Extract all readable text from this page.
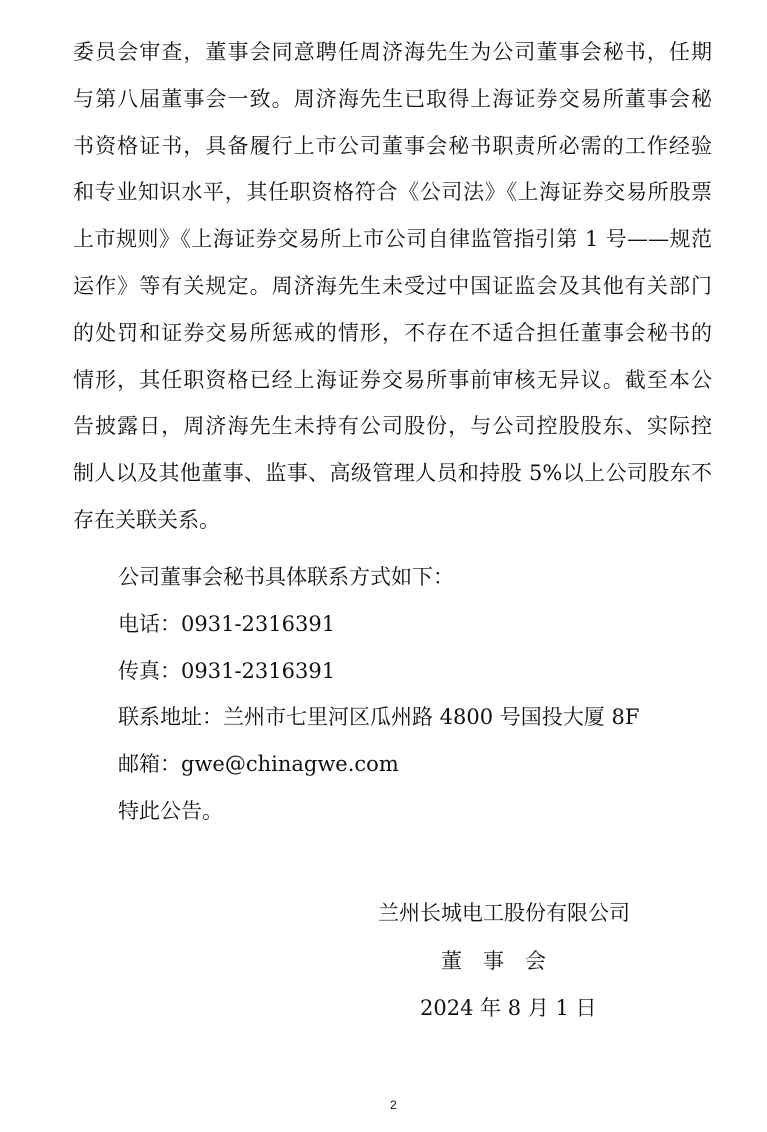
委员会审查，董事会同意聘任周济海先生为公司董事会秘书，任期
与第八届董事会一致。周济海先生已取得上海证券交易所董事会秘
书资格证书，具备履行上市公司董事会秘书职责所必需的工作经验
和专业知识水平，其任职资格符合《公司法》《上海证券交易所股票
上市规则》《上海证券交易所上市公司自律监管指引第 1 号——规范
运作》等有关规定。周济海先生未受过中国证监会及其他有关部门
的处罚和证券交易所惩戒的情形，不存在不适合担任董事会秘书的
情形，其任职资格已经上海证券交易所事前审核无异议。截至本公
告披露日，周济海先生未持有公司股份，与公司控股股东、实际控
制人以及其他董事、监事、高级管理人员和持股 5%以上公司股东不
存在关联关系。
公司董事会秘书具体联系方式如下：
电话：0931-2316391
传真：0931-2316391
联系地址：兰州市七里河区瓜州路 4800 号国投大厦 8F
邮箱：gwe@chinagwe.com
特此公告。
兰州长城电工股份有限公司
董　事　会
2024 年 8 月 1 日
2
